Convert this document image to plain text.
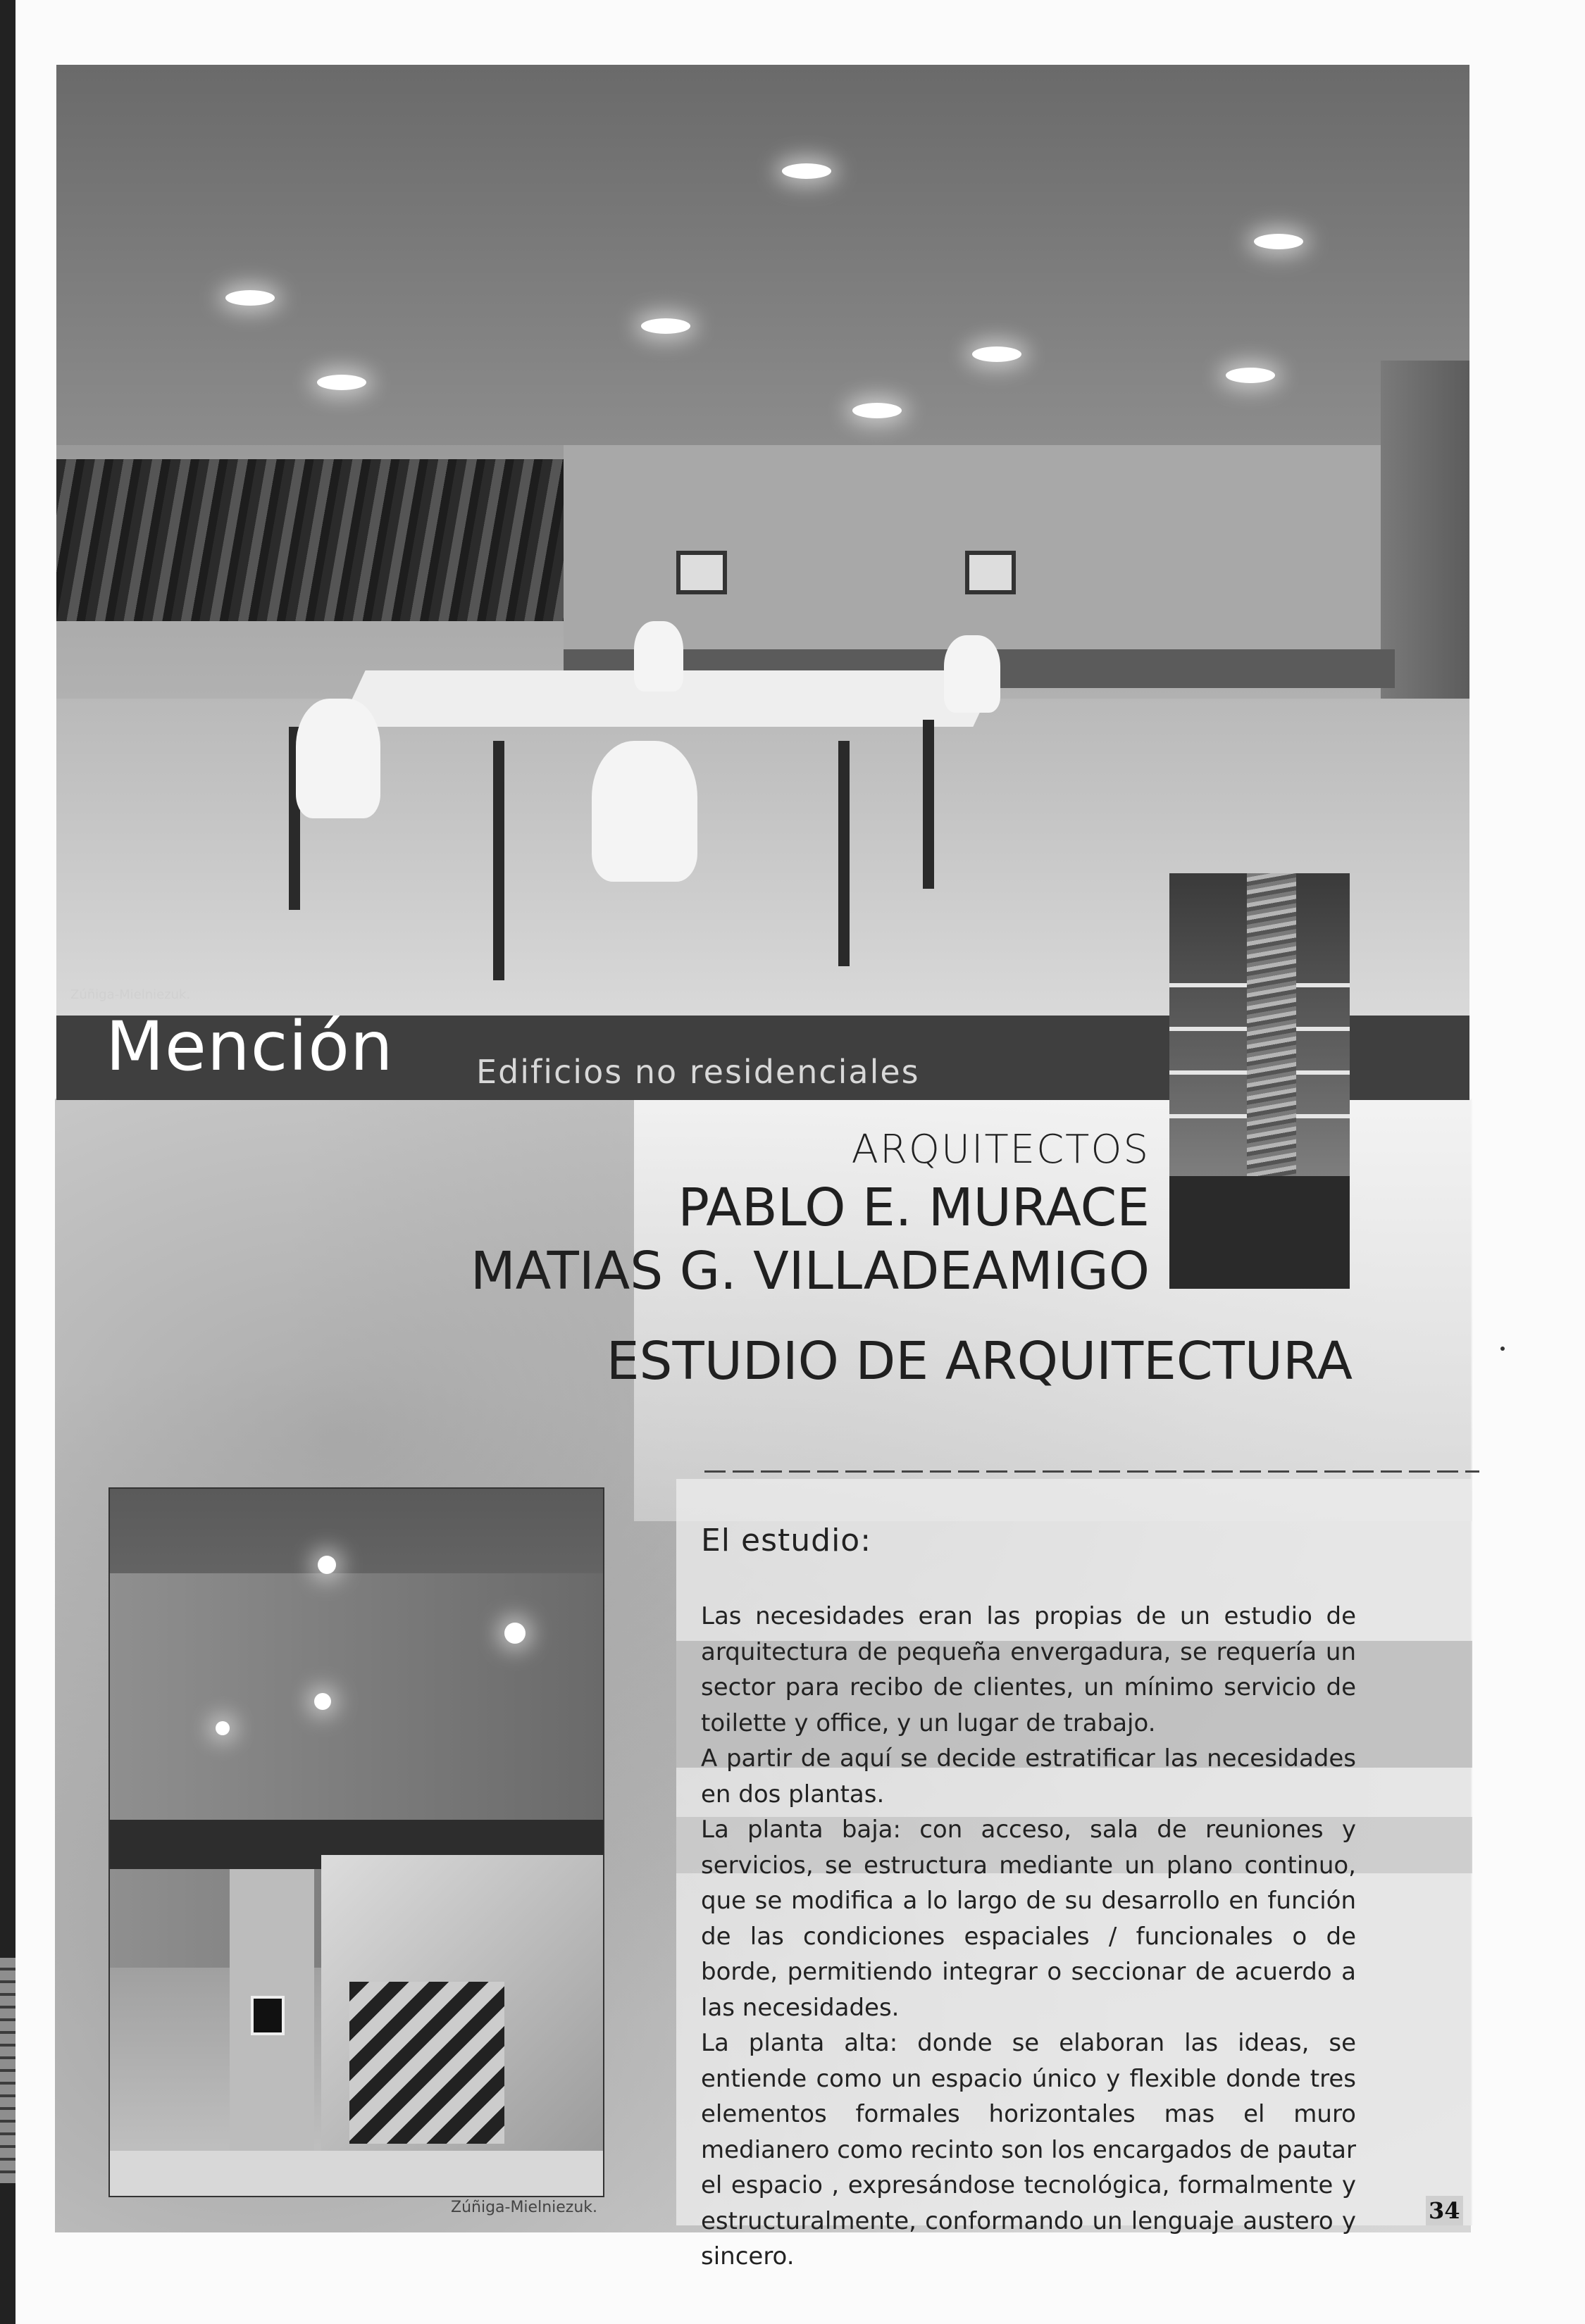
Zúñiga-Mielniezuk.
Mención	Edificios no residenciales
ARQUITECTOS
PABLO E. MURACE
MATIAS G. VILLADEAMIGO
ESTUDIO DE ARQUITECTURA
Zúñiga-Mielniezuk.
El estudio:

Las necesidades eran las propias de un estudio de arquitectura de pequeña envergadura, se requería un sector para recibo de clientes, un mínimo servicio de toilette y office, y un lugar de trabajo.

A partir de aquí se decide estratificar las necesidades en dos plantas.

La planta baja: con acceso, sala de reuniones y servicios, se estructura mediante un plano continuo, que se modifica a lo largo de su desarrollo en función de las condiciones espaciales / funcionales o de borde, permitiendo integrar o seccionar de acuerdo a las necesidades.

La planta alta: donde se elaboran las ideas, se entiende como un espacio único y flexible donde tres elementos formales horizontales mas el muro medianero como recinto son los encargados de pautar el espacio , expresándose tecnológica, formalmente y estructuralmente, conformando un lenguaje austero y sincero.

34
